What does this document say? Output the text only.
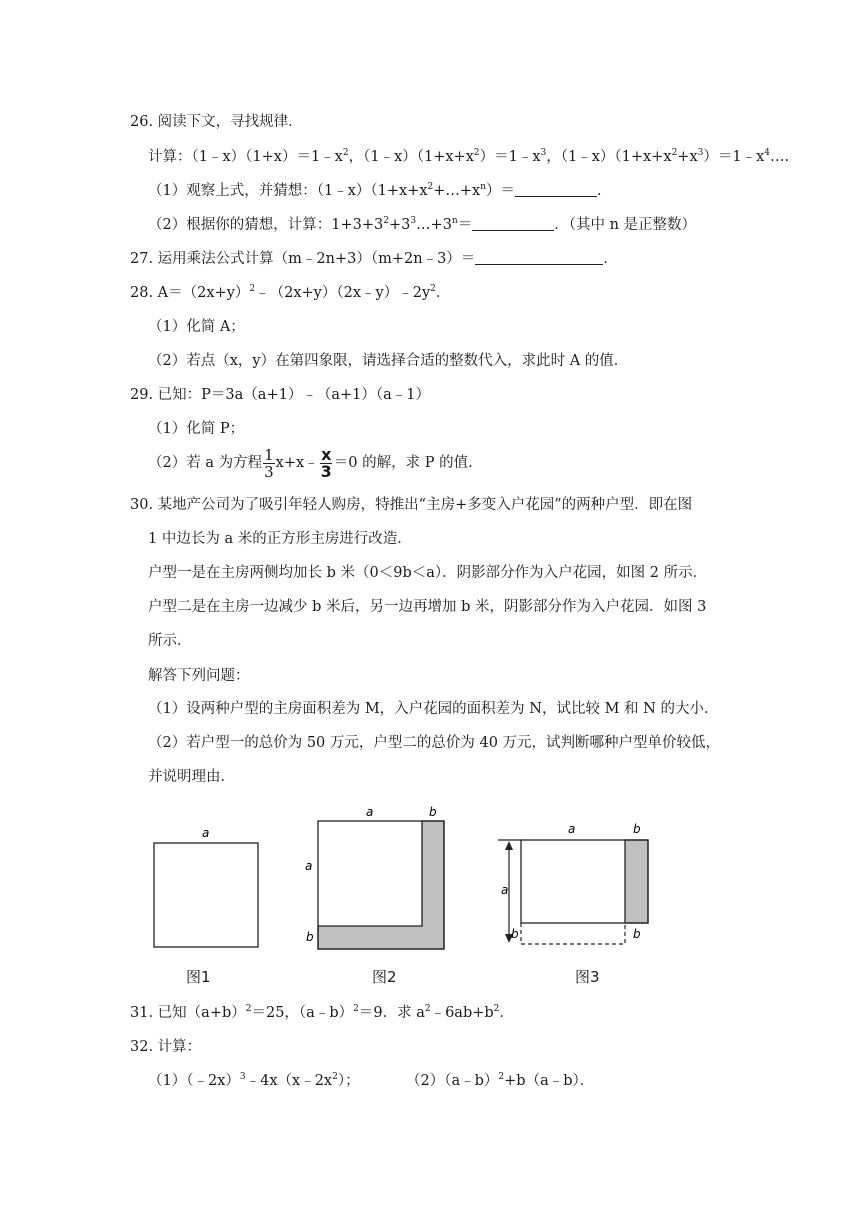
26. 阅读下文，寻找规律．
计算：$(1﹣x)(1+x)=1﹣x^2$，$(1﹣x)(1+x+x^2)=1﹣x^3$，$(1﹣x)(1+x+x^2+x^3)=1﹣x^4\dots$.
（1）观察上式，并猜想：$(1﹣x)(1+x+x^2+\dots+x^n)=$	．
（2）根据你的猜想，计算：$1+3+3^2+3^3\dots+3^n=$	．（其中 n 是正整数）
27. 运用乘法公式计算（m﹣2n+3）（m+2n﹣3）＝	．
28. $A=(2x+y)^2﹣(2x+y)(2x﹣y)﹣2y^2$．
（1）化简 A；
（2）若点（x，y）在第四象限，请选择合适的整数代入，求此时 A 的值．
29. 已知：P＝3a（a+1）﹣（a+1）（a﹣1）
（1）化简 P；
（2）若 a 为方程 $\frac{1}{3}$ x+x﹣ $\frac{x}{3} =0$ 的解，求 P 的值．
30. 某地产公司为了吸引年轻人购房，特推出“主房+多变入户花园”的两种户型．即在图
1 中边长为 a 米的正方形主房进行改造．
户型一是在主房两侧均加长 b 米（0＜9b＜a）．阴影部分作为入户花园，如图 2 所示．
户型二是在主房一边减少 b 米后，另一边再增加 b 米，阴影部分作为入户花园．如图 3
所示．
解答下列问题：
（1）设两种户型的主房面积差为 M，入户花园的面积差为 N，试比较 M 和 N 的大小．
（2）若户型一的总价为 50 万元，户型二的总价为 40 万元，试判断哪种户型单价较低，
并说明理由．
a
a	b
a
b
a	b
a
b	b
图1	图2	图3
31. 已知$(a+b)^2=25$，（a﹣b）$^2$＝9．求 $a^2﹣6ab+b^2$．
32. 计算：
$(1)(﹣2x)^3﹣4x(x﹣2x^2)$；	（2）（a﹣b）$^2$+b（a﹣b）．
